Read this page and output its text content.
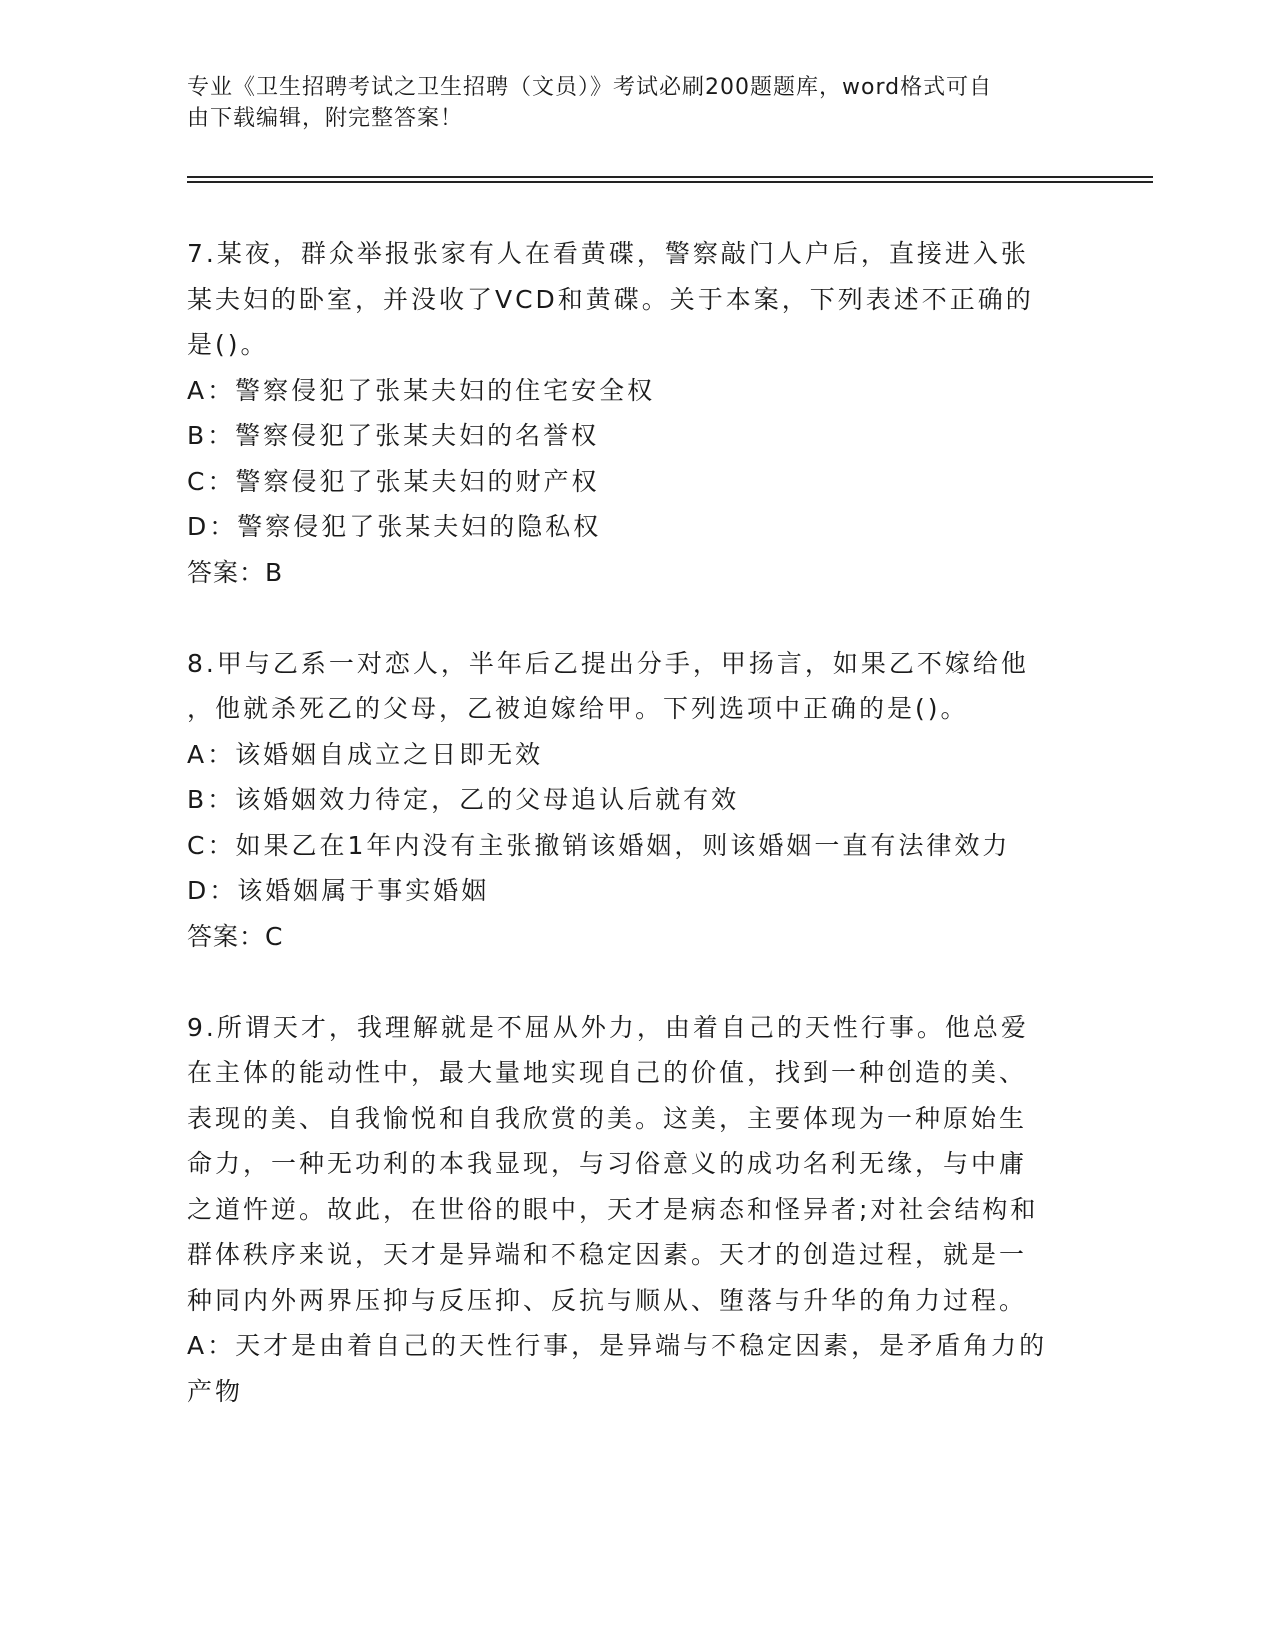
专业《卫生招聘考试之卫生招聘（文员）》考试必刷200题题库，word格式可自
由下载编辑，附完整答案！
7.某夜，群众举报张家有人在看黄碟，警察敲门人户后，直接进入张
某夫妇的卧室，并没收了VCD和黄碟。关于本案，下列表述不正确的
是()。
A：警察侵犯了张某夫妇的住宅安全权
B：警察侵犯了张某夫妇的名誉权
C：警察侵犯了张某夫妇的财产权
D：警察侵犯了张某夫妇的隐私权
答案：B
8.甲与乙系一对恋人，半年后乙提出分手，甲扬言，如果乙不嫁给他
，他就杀死乙的父母，乙被迫嫁给甲。下列选项中正确的是()。
A：该婚姻自成立之日即无效
B：该婚姻效力待定，乙的父母追认后就有效
C：如果乙在1年内没有主张撤销该婚姻，则该婚姻一直有法律效力
D：该婚姻属于事实婚姻
答案：C
9.所谓天才，我理解就是不屈从外力，由着自己的天性行事。他总爱
在主体的能动性中，最大量地实现自己的价值，找到一种创造的美、
表现的美、自我愉悦和自我欣赏的美。这美，主要体现为一种原始生
命力，一种无功利的本我显现，与习俗意义的成功名利无缘，与中庸
之道忤逆。故此，在世俗的眼中，天才是病态和怪异者;对社会结构和
群体秩序来说，天才是异端和不稳定因素。天才的创造过程，就是一
种同内外两界压抑与反压抑、反抗与顺从、堕落与升华的角力过程。
A：天才是由着自己的天性行事，是异端与不稳定因素，是矛盾角力的
产物
